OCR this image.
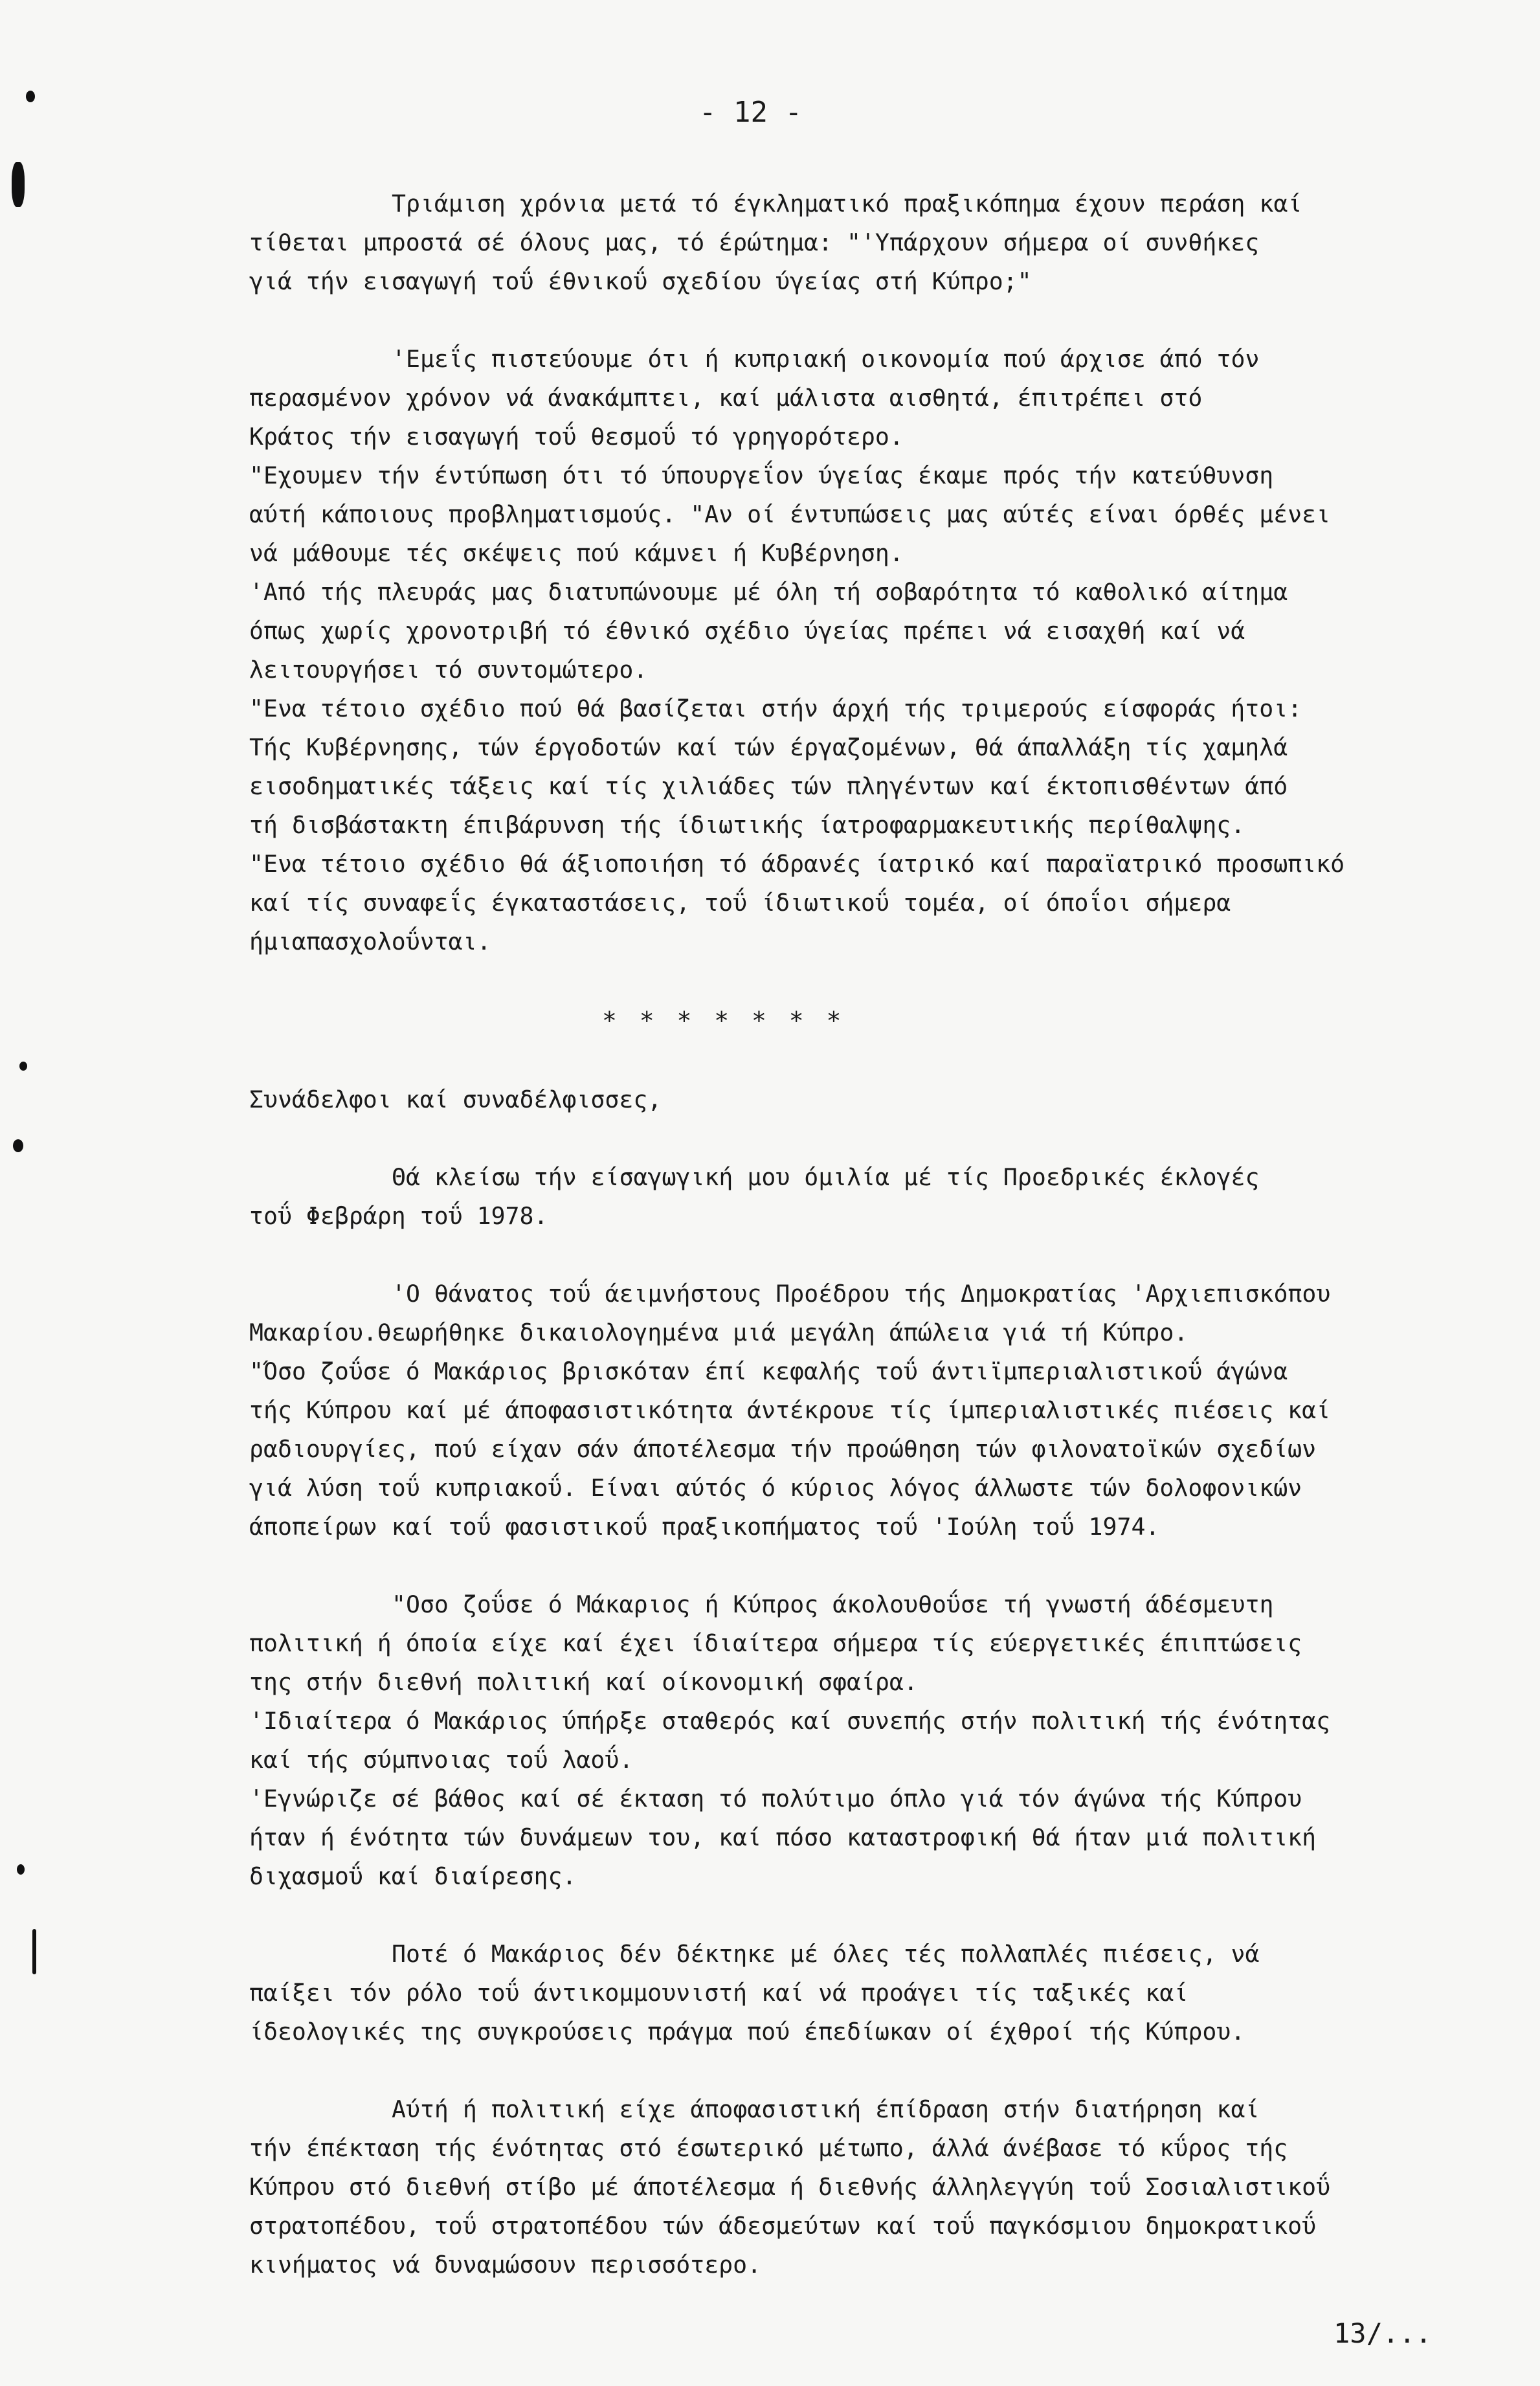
- 12 -

Τριάμιση χρόνια μετά τό έγκληματικό πραξικόπημα έχουν περάση καί
τίθεται μπροστά σέ όλους μας, τό έρώτημα: "'Υπάρχουν σήμερα οί συνθήκες
γιά τήν εισαγωγή τοΰ έθνικοΰ σχεδίου ύγείας στή Κύπρο;"

'Εμεΐς πιστεύουμε ότι ή κυπριακή οικονομία πού άρχισε άπό τόν
περασμένον χρόνον νά άνακάμπτει, καί μάλιστα αισθητά, έπιτρέπει στό
Κράτος τήν εισαγωγή τοΰ θεσμοΰ τό γρηγορότερο.
"Εχουμεν τήν έντύπωση ότι τό ύπουργεΐον ύγείας έκαμε πρός τήν κατεύθυνση
αύτή κάποιους προβληματισμούς. "Αν οί έντυπώσεις μας αύτές είναι όρθές μένει
νά μάθουμε τές σκέψεις πού κάμνει ή Κυβέρνηση.
'Από τής πλευράς μας διατυπώνουμε μέ όλη τή σοβαρότητα τό καθολικό αίτημα
όπως χωρίς χρονοτριβή τό έθνικό σχέδιο ύγείας πρέπει νά εισαχθή καί νά
λειτουργήσει τό συντομώτερο.
"Ενα τέτοιο σχέδιο πού θά βασίζεται στήν άρχή τής τριμερούς είσφοράς ήτοι:
Τής Κυβέρνησης, τών έργοδοτών καί τών έργαζομένων, θά άπαλλάξη τίς χαμηλά
εισοδηματικές τάξεις καί τίς χιλιάδες τών πληγέντων καί έκτοπισθέντων άπό
τή δισβάστακτη έπιβάρυνση τής ίδιωτικής ίατροφαρμακευτικής περίθαλψης.
"Ενα τέτοιο σχέδιο θά άξιοποιήση τό άδρανές ίατρικό καί παραϊατρικό προσωπικό
καί τίς συναφεΐς έγκαταστάσεις, τοΰ ίδιωτικοΰ τομέα, οί όποΐοι σήμερα
ήμιαπασχολοΰνται.

* * * * * * *

Συνάδελφοι καί συναδέλφισσες,

Θά κλείσω τήν είσαγωγική μου όμιλία μέ τίς Προεδρικές έκλογές
τοΰ Φεβράρη τοΰ 1978.

'Ο θάνατος τοΰ άειμνήστους Προέδρου τής Δημοκρατίας 'Αρχιεπισκόπου
Μακαρίου.θεωρήθηκε δικαιολογημένα μιά μεγάλη άπώλεια γιά τή Κύπρο.
"Όσο ζοΰσε ό Μακάριος βρισκόταν έπί κεφαλής τοΰ άντιϊμπεριαλιστικοΰ άγώνα
τής Κύπρου καί μέ άποφασιστικότητα άντέκρουε τίς ίμπεριαλιστικές πιέσεις καί
ραδιουργίες, πού είχαν σάν άποτέλεσμα τήν προώθηση τών φιλονατοϊκών σχεδίων
γιά λύση τοΰ κυπριακοΰ. Είναι αύτός ό κύριος λόγος άλλωστε τών δολοφονικών
άποπείρων καί τοΰ φασιστικοΰ πραξικοπήματος τοΰ 'Ιούλη τοΰ 1974.

"Οσο ζοΰσε ό Μάκαριος ή Κύπρος άκολουθοΰσε τή γνωστή άδέσμευτη
πολιτική ή όποία είχε καί έχει ίδιαίτερα σήμερα τίς εύεργετικές έπιπτώσεις
της στήν διεθνή πολιτική καί οίκονομική σφαίρα.
'Ιδιαίτερα ό Μακάριος ύπήρξε σταθερός καί συνεπής στήν πολιτική τής ένότητας
καί τής σύμπνοιας τοΰ λαοΰ.
'Εγνώριζε σέ βάθος καί σέ έκταση τό πολύτιμο όπλο γιά τόν άγώνα τής Κύπρου
ήταν ή ένότητα τών δυνάμεων του, καί πόσο καταστροφική θά ήταν μιά πολιτική
διχασμοΰ καί διαίρεσης.

Ποτέ ό Μακάριος δέν δέκτηκε μέ όλες τές πολλαπλές πιέσεις, νά
παίξει τόν ρόλο τοΰ άντικομμουνιστή καί νά προάγει τίς ταξικές καί
ίδεολογικές της συγκρούσεις πράγμα πού έπεδίωκαν οί έχθροί τής Κύπρου.

Αύτή ή πολιτική είχε άποφασιστική έπίδραση στήν διατήρηση καί
τήν έπέκταση τής ένότητας στό έσωτερικό μέτωπο, άλλά άνέβασε τό κΰρος τής
Κύπρου στό διεθνή στίβο μέ άποτέλεσμα ή διεθνής άλληλεγγύη τοΰ Σοσιαλιστικοΰ
στρατοπέδου, τοΰ στρατοπέδου τών άδεσμεύτων καί τοΰ παγκόσμιου δημοκρατικοΰ
κινήματος νά δυναμώσουν περισσότερο.

13/...
